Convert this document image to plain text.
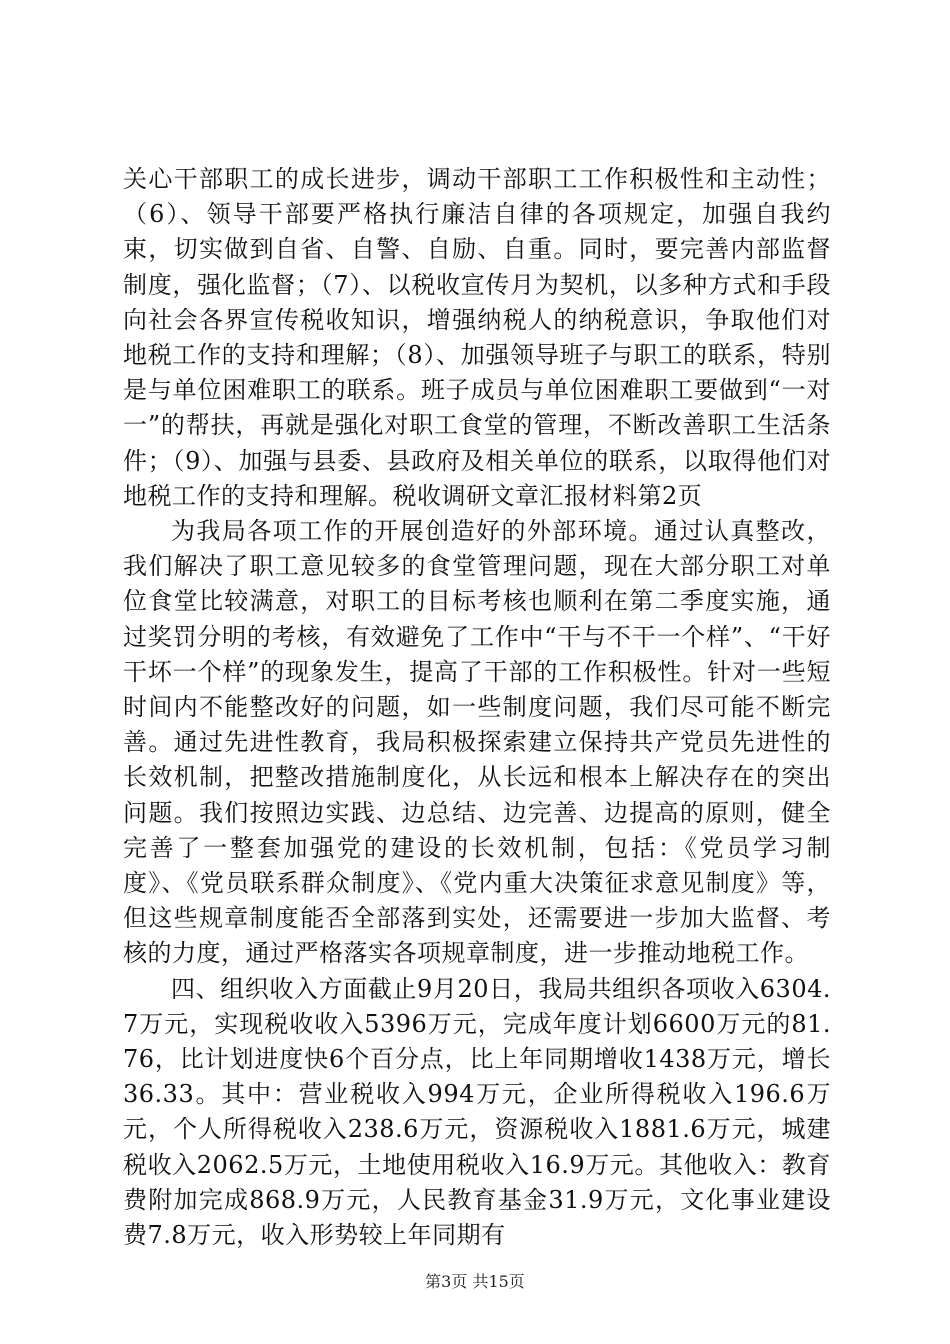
关心干部职工的成长进步，调动干部职工工作积极性和主动性；（6）、领导干部要严格执行廉洁自律的各项规定，加强自我约束，切实做到自省、自警、自励、自重。同时，要完善内部监督制度，强化监督；（7）、以税收宣传月为契机，以多种方式和手段向社会各界宣传税收知识，增强纳税人的纳税意识，争取他们对地税工作的支持和理解；（8）、加强领导班子与职工的联系，特别是与单位困难职工的联系。班子成员与单位困难职工要做到“一对一”的帮扶，再就是强化对职工食堂的管理，不断改善职工生活条件；（9）、加强与县委、县政府及相关单位的联系，以取得他们对地税工作的支持和理解。税收调研文章汇报材料第2页

为我局各项工作的开展创造好的外部环境。通过认真整改，我们解决了职工意见较多的食堂管理问题，现在大部分职工对单位食堂比较满意，对职工的目标考核也顺利在第二季度实施，通过奖罚分明的考核，有效避免了工作中“干与不干一个样”、“干好干坏一个样”的现象发生，提高了干部的工作积极性。针对一些短时间内不能整改好的问题，如一些制度问题，我们尽可能不断完善。通过先进性教育，我局积极探索建立保持共产党员先进性的长效机制，把整改措施制度化，从长远和根本上解决存在的突出问题。我们按照边实践、边总结、边完善、边提高的原则，健全完善了一整套加强党的建设的长效机制，包括：《党员学习制度》、《党员联系群众制度》、《党内重大决策征求意见制度》等，但这些规章制度能否全部落到实处，还需要进一步加大监督、考核的力度，通过严格落实各项规章制度，进一步推动地税工作。

四、组织收入方面截止9月20日，我局共组织各项收入6304.7万元，实现税收收入5396万元，完成年度计划6600万元的81.76，比计划进度快6个百分点，比上年同期增收1438万元，增长36.33。其中：营业税收入994万元，企业所得税收入196.6万元，个人所得税收入238.6万元，资源税收入1881.6万元，城建税收入2062.5万元，土地使用税收入16.9万元。其他收入：教育费附加完成868.9万元，人民教育基金31.9万元，文化事业建设费7.8万元，收入形势较上年同期有

第3页 共15页
